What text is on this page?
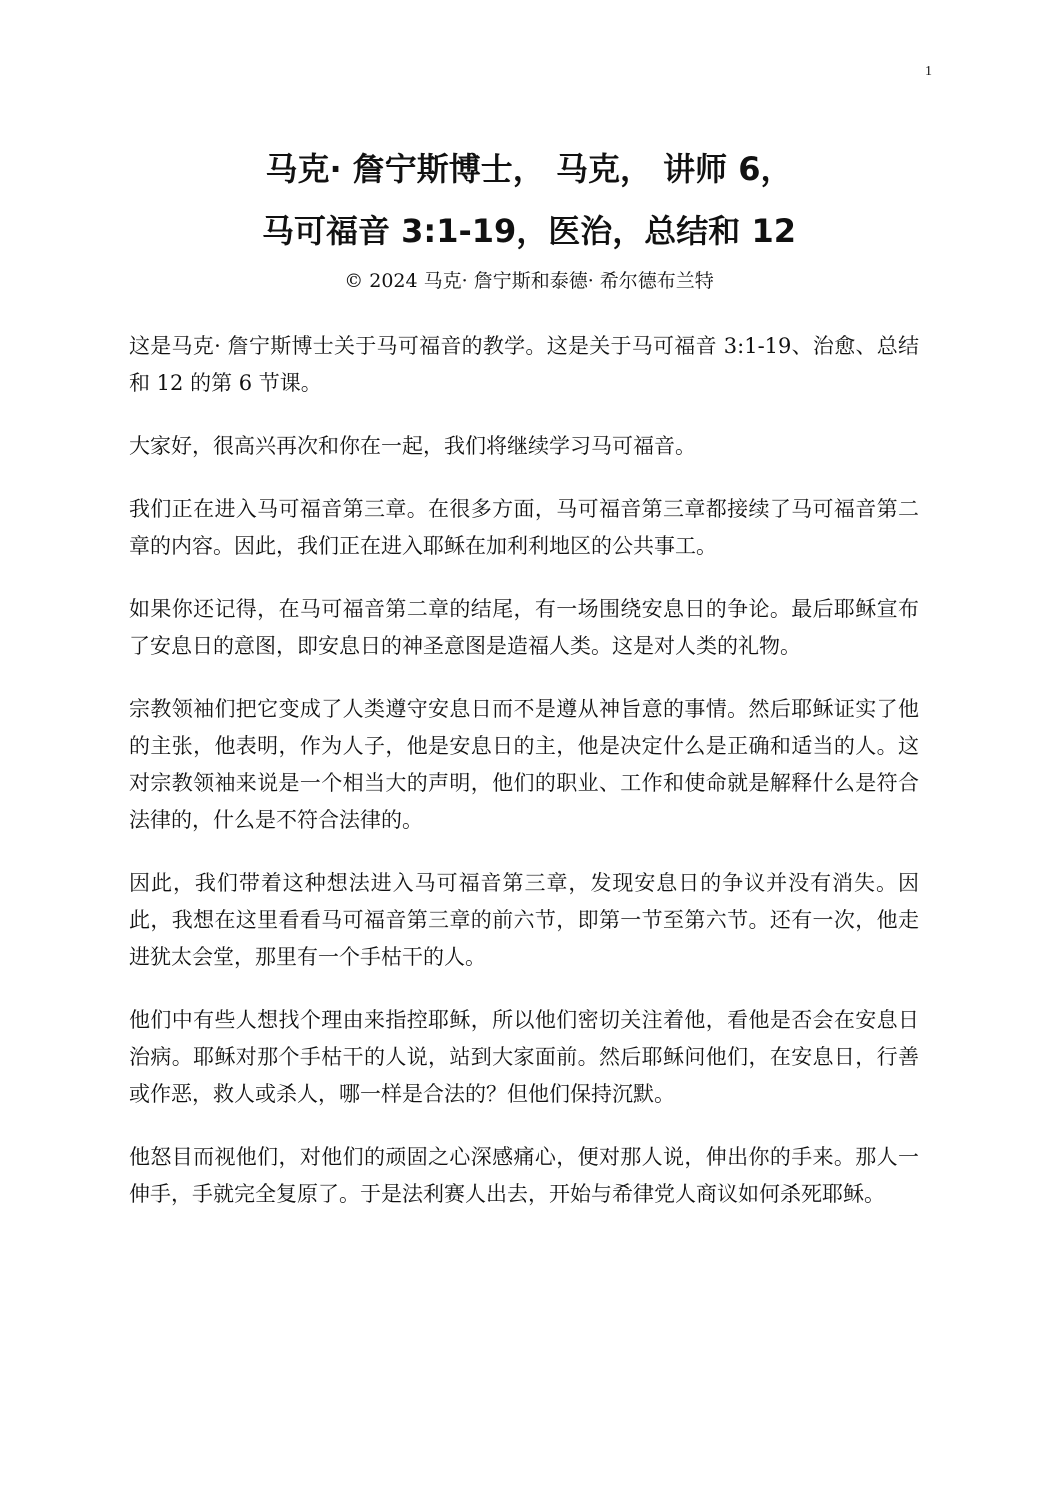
1
马克· 詹宁斯博士， 马克， 讲师 6，
马可福音 3:1-19，医治，总结和 12
© 2024 马克· 詹宁斯和泰德· 希尔德布兰特

这是马克· 詹宁斯博士关于马可福音的教学。这是关于马可福音 3:1-19、治愈、总结和 12 的第 6 节课。

大家好，很高兴再次和你在一起，我们将继续学习马可福音。

我们正在进入马可福音第三章。在很多方面，马可福音第三章都接续了马可福音第二章的内容。因此，我们正在进入耶稣在加利利地区的公共事工。

如果你还记得，在马可福音第二章的结尾，有一场围绕安息日的争论。最后耶稣宣布了安息日的意图，即安息日的神圣意图是造福人类。这是对人类的礼物。

宗教领袖们把它变成了人类遵守安息日而不是遵从神旨意的事情。然后耶稣证实了他的主张，他表明，作为人子，他是安息日的主，他是决定什么是正确和适当的人。这对宗教领袖来说是一个相当大的声明，他们的职业、工作和使命就是解释什么是符合法律的，什么是不符合法律的。

因此，我们带着这种想法进入马可福音第三章，发现安息日的争议并没有消失。因此，我想在这里看看马可福音第三章的前六节，即第一节至第六节。还有一次，他走进犹太会堂，那里有一个手枯干的人。

他们中有些人想找个理由来指控耶稣，所以他们密切关注着他，看他是否会在安息日治病。耶稣对那个手枯干的人说，站到大家面前。然后耶稣问他们，在安息日，行善或作恶，救人或杀人，哪一样是合法的？但他们保持沉默。

他怒目而视他们，对他们的顽固之心深感痛心，便对那人说，伸出你的手来。那人一伸手，手就完全复原了。于是法利赛人出去，开始与希律党人商议如何杀死耶稣。
